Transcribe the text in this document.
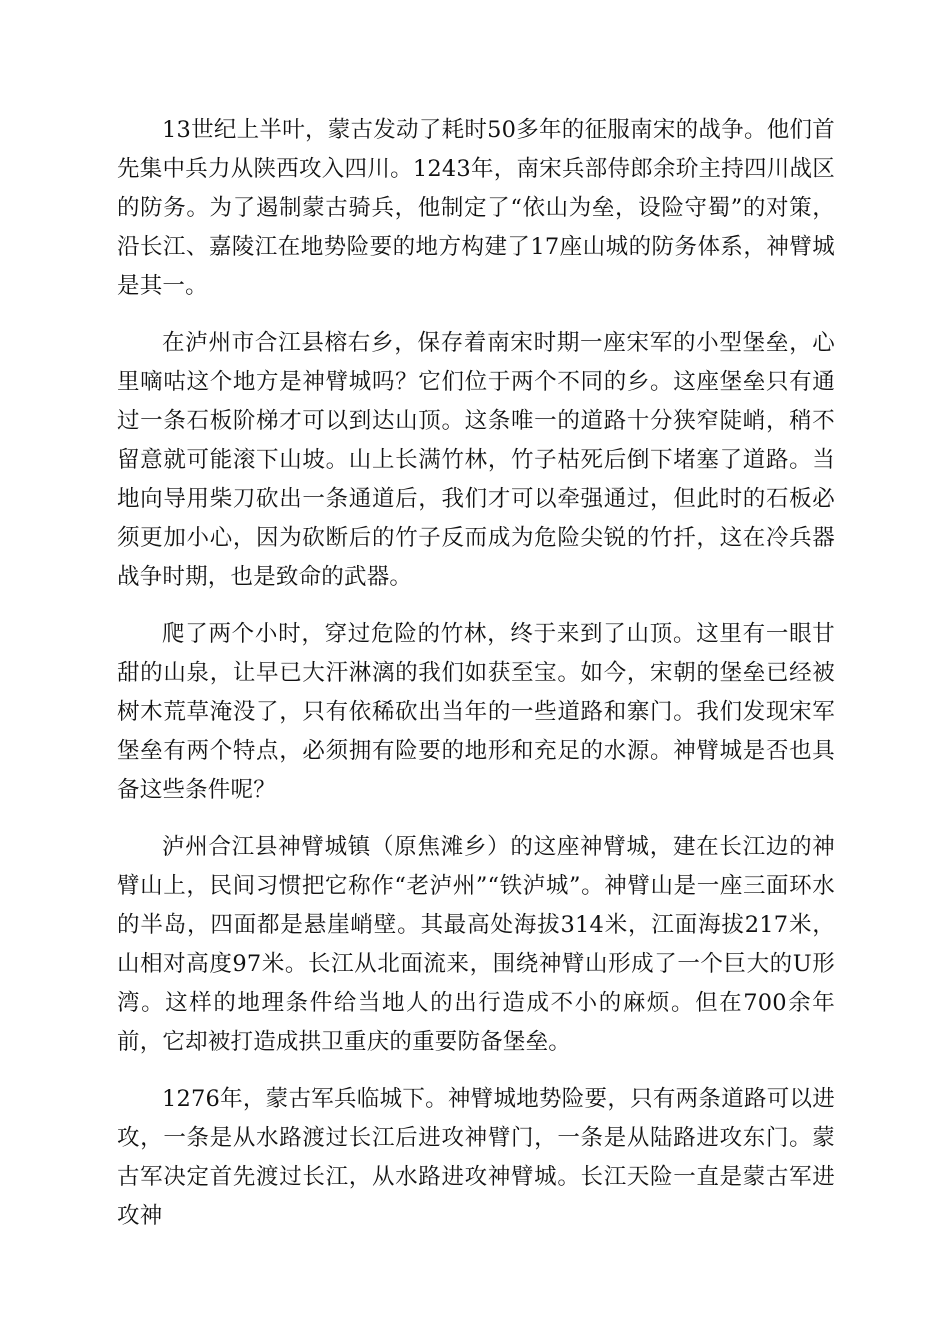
13世纪上半叶，蒙古发动了耗时50多年的征服南宋的战争。他们首先集中兵力从陕西攻入四川。1243年，南宋兵部侍郎余玠主持四川战区的防务。为了遏制蒙古骑兵，他制定了“依山为垒，设险守蜀”的对策，沿长江、嘉陵江在地势险要的地方构建了17座山城的防务体系，神臂城是其一。

在泸州市合江县榕右乡，保存着南宋时期一座宋军的小型堡垒，心里嘀咕这个地方是神臂城吗？它们位于两个不同的乡。这座堡垒只有通过一条石板阶梯才可以到达山顶。这条唯一的道路十分狭窄陡峭，稍不留意就可能滚下山坡。山上长满竹林，竹子枯死后倒下堵塞了道路。当地向导用柴刀砍出一条通道后，我们才可以牵强通过，但此时的石板必须更加小心，因为砍断后的竹子反而成为危险尖锐的竹扦，这在冷兵器战争时期，也是致命的武器。

爬了两个小时，穿过危险的竹林，终于来到了山顶。这里有一眼甘甜的山泉，让早已大汗淋漓的我们如获至宝。如今，宋朝的堡垒已经被树木荒草淹没了，只有依稀砍出当年的一些道路和寨门。我们发现宋军堡垒有两个特点，必须拥有险要的地形和充足的水源。神臂城是否也具备这些条件呢？

泸州合江县神臂城镇（原焦滩乡）的这座神臂城，建在长江边的神臂山上，民间习惯把它称作“老泸州”“铁泸城”。神臂山是一座三面环水的半岛，四面都是悬崖峭壁。其最高处海拔314米，江面海拔217米，山相对高度97米。长江从北面流来，围绕神臂山形成了一个巨大的U形湾。这样的地理条件给当地人的出行造成不小的麻烦。但在700余年前，它却被打造成拱卫重庆的重要防备堡垒。

1276年，蒙古军兵临城下。神臂城地势险要，只有两条道路可以进攻，一条是从水路渡过长江后进攻神臂门，一条是从陆路进攻东门。蒙古军决定首先渡过长江，从水路进攻神臂城。长江天险一直是蒙古军进攻神
